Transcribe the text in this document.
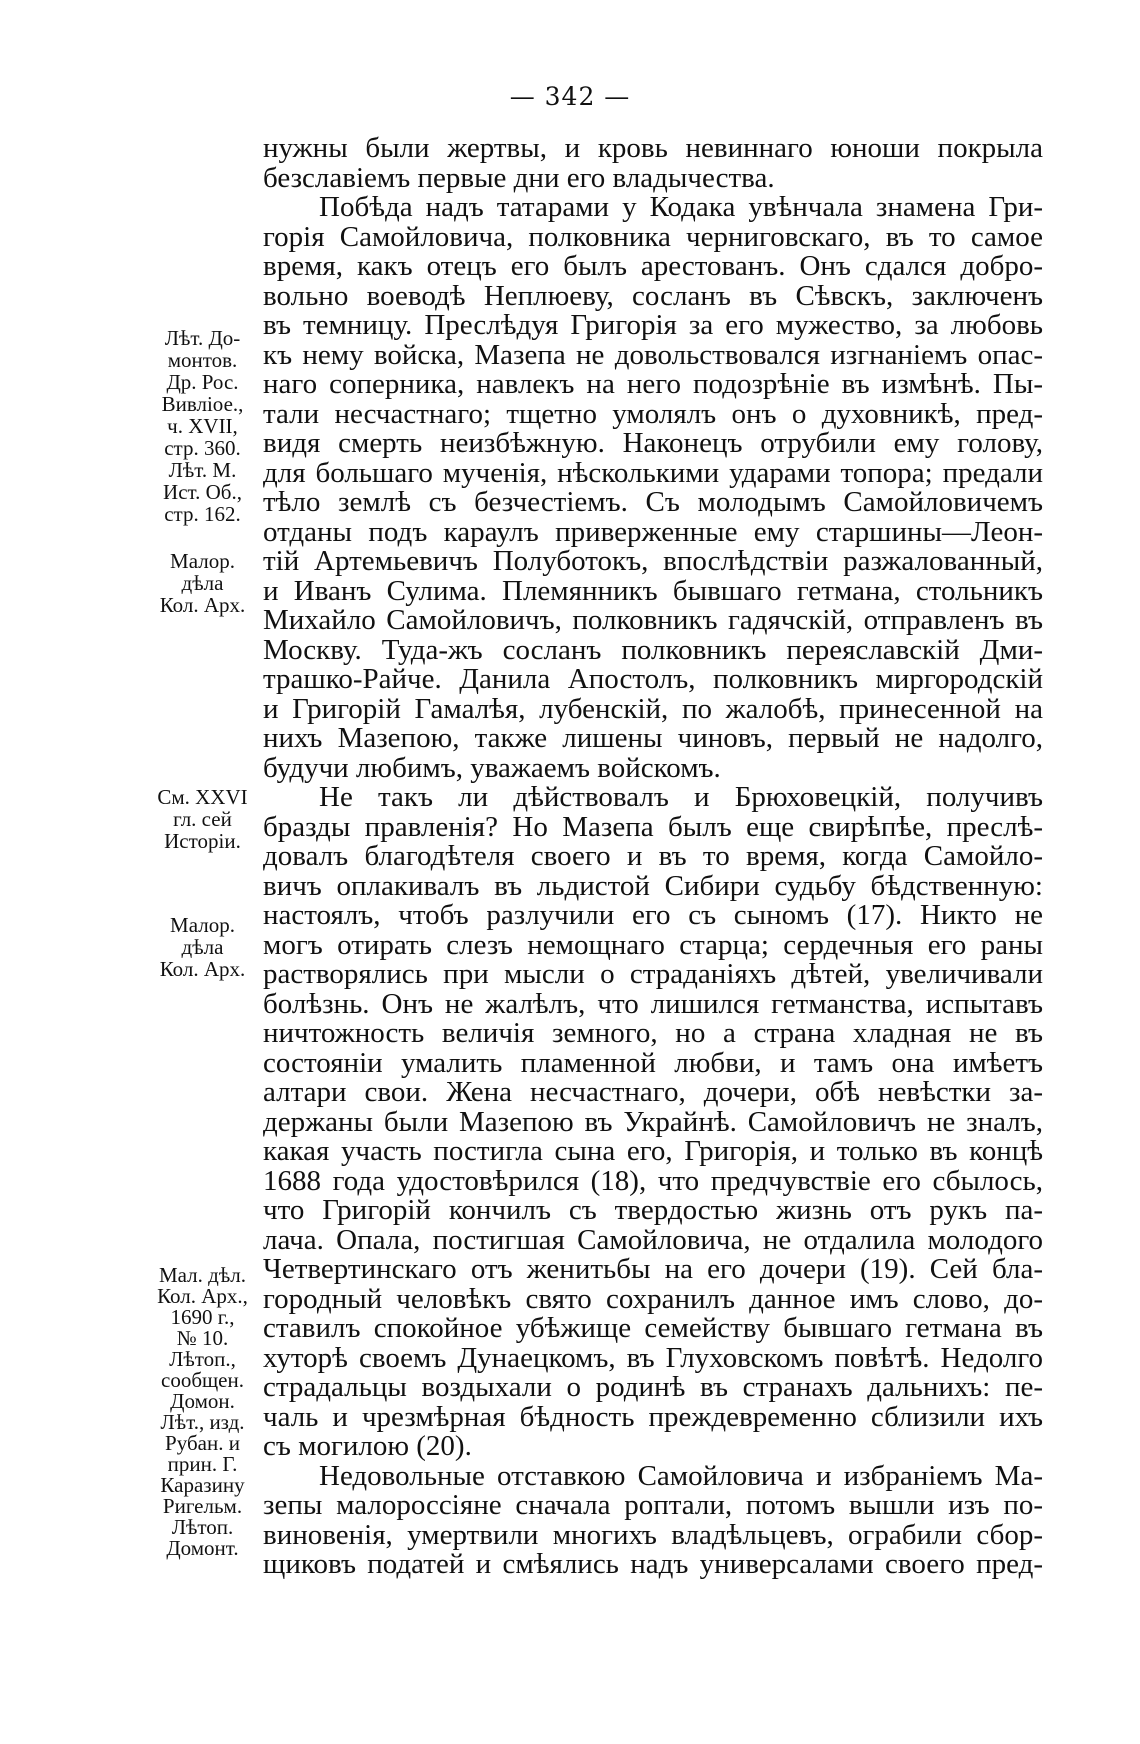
— 342 —
нужны были жертвы, и кровь невиннаго юноши покрыла
безславіемъ первые дни его владычества.
Побѣда надъ татарами у Кодака увѣнчала знамена Гри-
горія Самойловича, полковника черниговскаго, въ то самое
время, какъ отецъ его былъ арестованъ. Онъ сдался добро-
вольно воеводѣ Неплюеву, сосланъ въ Сѣвскъ, заключенъ
въ темницу. Преслѣдуя Григорія за его мужество, за любовь
къ нему войска, Мазепа не довольствовался изгнаніемъ опас-
наго соперника, навлекъ на него подозрѣніе въ измѣнѣ. Пы-
тали несчастнаго; тщетно умолялъ онъ о духовникѣ, пред-
видя смерть неизбѣжную. Наконецъ отрубили ему голову,
для большаго мученія, нѣсколькими ударами топора; предали
тѣло землѣ съ безчестіемъ. Съ молодымъ Самойловичемъ
отданы подъ караулъ приверженные ему старшины—Леон-
тій Артемьевичъ Полуботокъ, впослѣдствіи разжалованный,
и Иванъ Сулима. Племянникъ бывшаго гетмана, стольникъ
Михайло Самойловичъ, полковникъ гадячскій, отправленъ въ
Москву. Туда-жъ сосланъ полковникъ переяславскій Дми-
трашко-Райче. Данила Апостолъ, полковникъ миргородскій
и Григорій Гамалѣя, лубенскій, по жалобѣ, принесенной на
нихъ Мазепою, также лишены чиновъ, первый не надолго,
будучи любимъ, уважаемъ войскомъ.
Не такъ ли дѣйствовалъ и Брюховецкій, получивъ
бразды правленія? Но Мазепа былъ еще свирѣпѣе, преслѣ-
довалъ благодѣтеля своего и въ то время, когда Самойло-
вичъ оплакивалъ въ льдистой Сибири судьбу бѣдственную:
настоялъ, чтобъ разлучили его съ сыномъ (17). Никто не
могъ отирать слезъ немощнаго старца; сердечныя его раны
растворялись при мысли о страданіяхъ дѣтей, увеличивали
болѣзнь. Онъ не жалѣлъ, что лишился гетманства, испытавъ
ничтожность величія земного, но а страна хладная не въ
состояніи умалить пламенной любви, и тамъ она имѣетъ
алтари свои. Жена несчастнаго, дочери, обѣ невѣстки за-
держаны были Мазепою въ Украйнѣ. Самойловичъ не зналъ,
какая участь постигла сына его, Григорія, и только въ концѣ
1688 года удостовѣрился (18), что предчувствіе его сбылось,
что Григорій кончилъ съ твердостью жизнь отъ рукъ па-
лача. Опала, постигшая Самойловича, не отдалила молодого
Четвертинскаго отъ женитьбы на его дочери (19). Сей бла-
городный человѣкъ свято сохранилъ данное имъ слово, до-
ставилъ спокойное убѣжище семейству бывшаго гетмана въ
хуторѣ своемъ Дунаецкомъ, въ Глуховскомъ повѣтѣ. Недолго
страдальцы воздыхали о родинѣ въ странахъ дальнихъ: пе-
чаль и чрезмѣрная бѣдность преждевременно сблизили ихъ
съ могилою (20).
Недовольные отставкою Самойловича и избраніемъ Ма-
зепы малороссіяне сначала роптали, потомъ вышли изъ по-
виновенія, умертвили многихъ владѣльцевъ, ограбили сбор-
щиковъ податей и смѣялись надъ универсалами своего пред-
Лѣт. До-
монтов.
Др. Рос.
Вивліое.,
ч. XVII,
стр. 360.
Лѣт. М.
Ист. Об.,
стр. 162.
Малор.
дѣла
Кол. Арх.
См. XXVI
гл. сей
Исторіи.
Малор.
дѣла
Кол. Арх.
Мал. дѣл.
Кол. Арх.,
1690 г.,
№ 10.
Лѣтоп.,
сообщен.
Домон.
Лѣт., изд.
Рубан. и
прин. Г.
Каразину
Ригельм.
Лѣтоп.
Домонт.
